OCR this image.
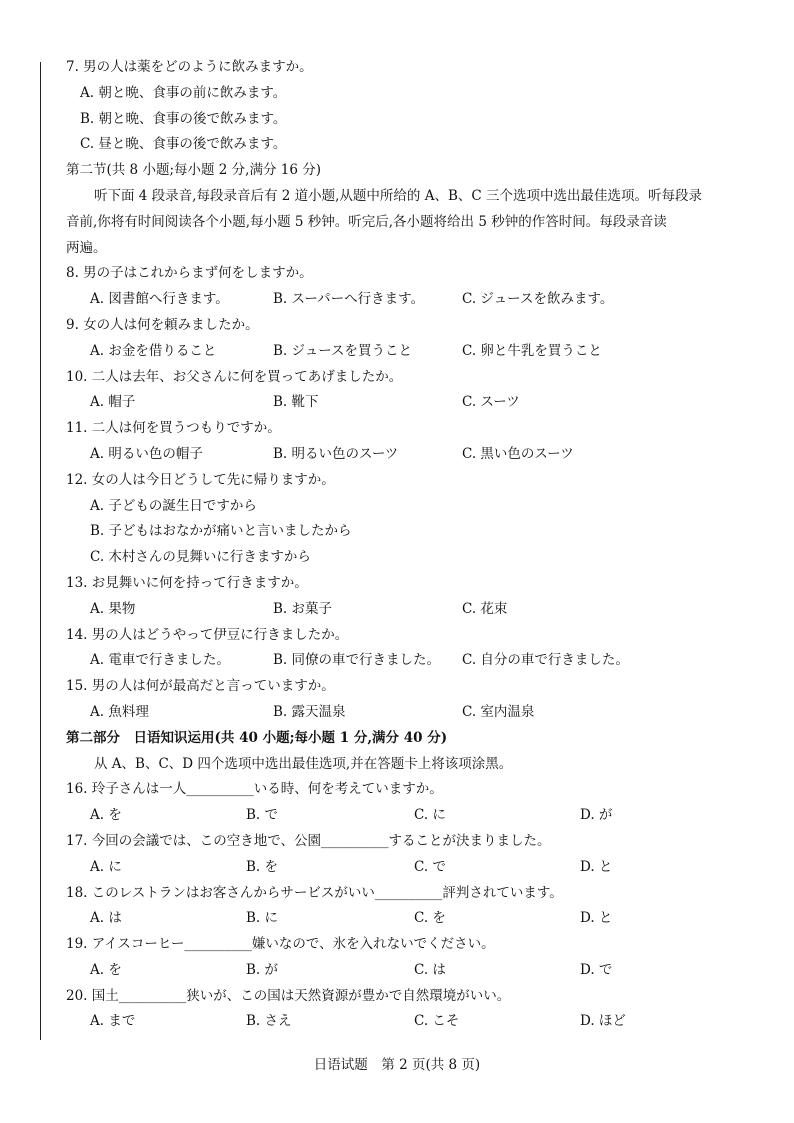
7. 男の人は薬をどのように飲みますか。
A. 朝と晩、食事の前に飲みます。
B. 朝と晩、食事の後で飲みます。
C. 昼と晩、食事の後で飲みます。
第二节(共 8 小题;每小题 2 分,满分 16 分)
听下面 4 段录音,每段录音后有 2 道小题,从题中所给的 A、B、C 三个选项中选出最佳选项。听每段录
音前,你将有时间阅读各个小题,每小题 5 秒钟。听完后,各小题将给出 5 秒钟的作答时间。每段录音读
两遍。
8. 男の子はこれからまず何をしますか。
A. 図書館へ行きます。	B. スーパーへ行きます。	C. ジュースを飲みます。
9. 女の人は何を頼みましたか。
A. お金を借りること	B. ジュースを買うこと	C. 卵と牛乳を買うこと
10. 二人は去年、お父さんに何を買ってあげましたか。
A. 帽子	B. 靴下	C. スーツ
11. 二人は何を買うつもりですか。
A. 明るい色の帽子	B. 明るい色のスーツ	C. 黒い色のスーツ
12. 女の人は今日どうして先に帰りますか。
A. 子どもの誕生日ですから
B. 子どもはおなかが痛いと言いましたから
C. 木村さんの見舞いに行きますから
13. お見舞いに何を持って行きますか。
A. 果物	B. お菓子	C. 花束
14. 男の人はどうやって伊豆に行きましたか。
A. 電車で行きました。	B. 同僚の車で行きました。 C. 自分の車で行きました。
15. 男の人は何が最高だと言っていますか。
A. 魚料理	B. 露天温泉	C. 室内温泉
第二部分　日语知识运用(共 40 小题;每小题 1 分,满分 40 分)
从 A、B、C、D 四个选项中选出最佳选项,并在答题卡上将该项涂黑。
16. 玲子さんは一人__________いる時、何を考えていますか。
A. を	B. で	C. に	D. が
17. 今回の会議では、この空き地で、公園__________することが決まりました。
A. に	B. を	C. で	D. と
18. このレストランはお客さんからサービスがいい__________評判されています。
A. は	B. に	C. を	D. と
19. アイスコーヒー__________嫌いなので、氷を入れないでください。
A. を	B. が	C. は	D. で
20. 国土__________狭いが、この国は天然資源が豊かで自然環境がいい。
A. まで	B. さえ	C. こそ	D. ほど
日语试题　第 2 页(共 8 页)
